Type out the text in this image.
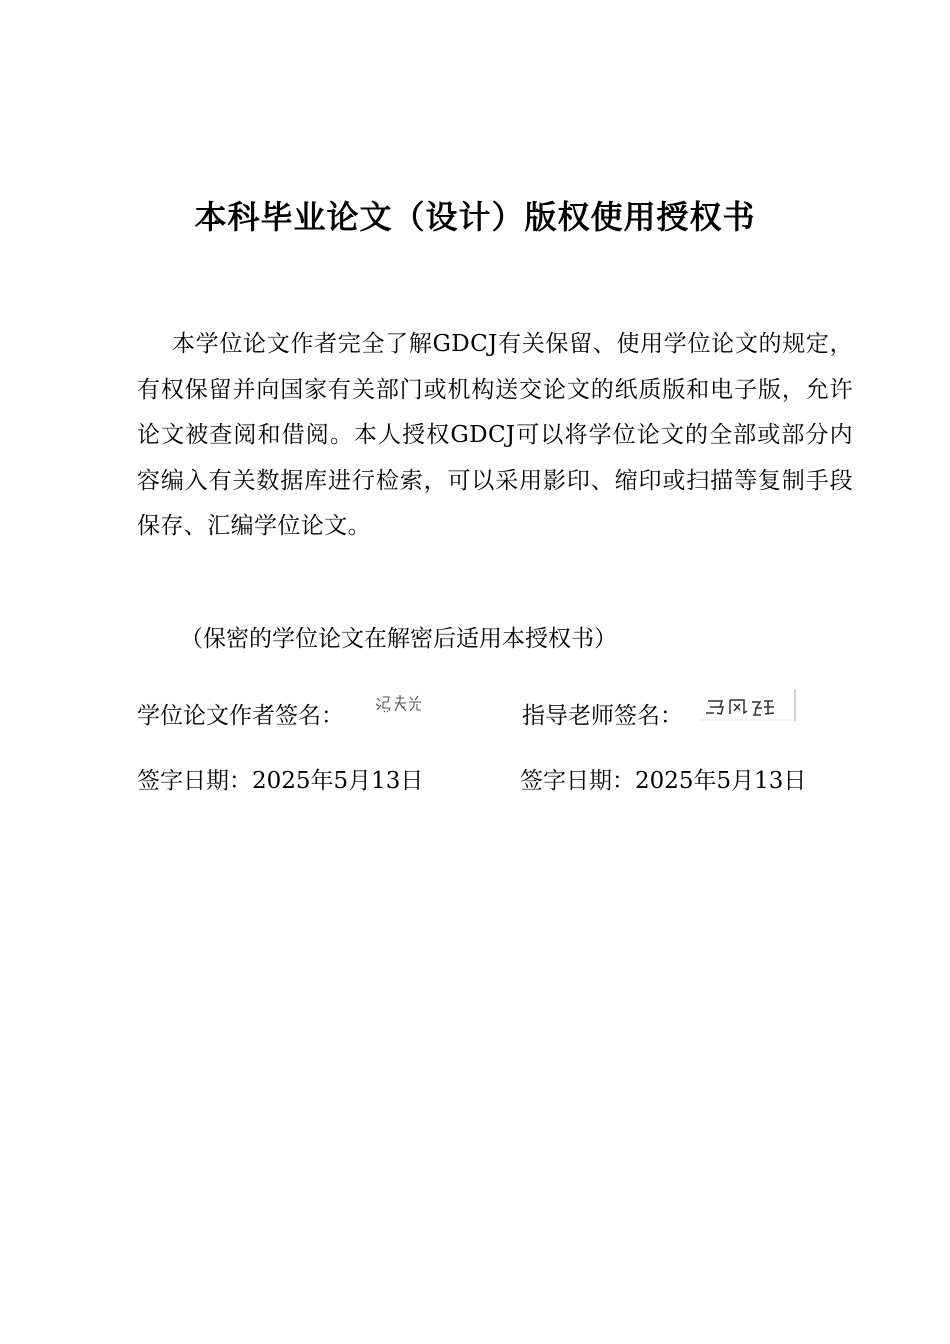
本科毕业论文（设计）版权使用授权书

本学位论文作者完全了解GDCJ有关保留、使用学位论文的规定，有权保留并向国家有关部门或机构送交论文的纸质版和电子版，允许论文被查阅和借阅。本人授权GDCJ可以将学位论文的全部或部分内容编入有关数据库进行检索，可以采用影印、缩印或扫描等复制手段保存、汇编学位论文。

（保密的学位论文在解密后适用本授权书）

学位论文作者签名：	指导老师签名：
签字日期：2025年5月13日	签字日期：2025年5月13日
